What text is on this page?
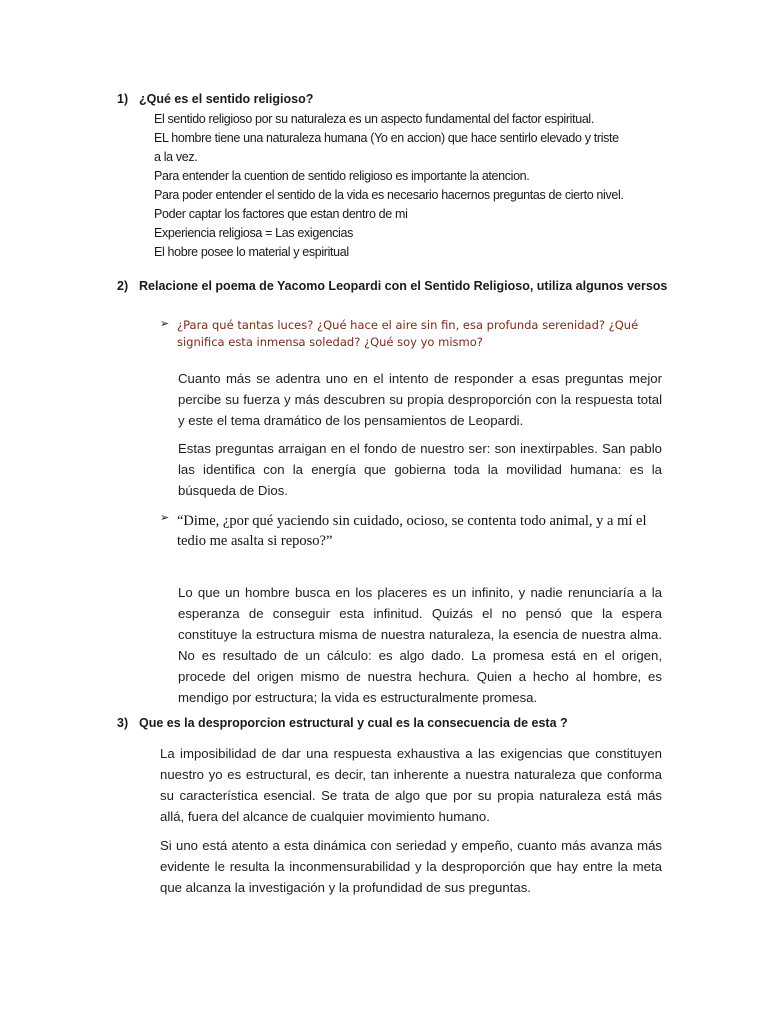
1) ¿Qué es el sentido religioso?
El sentido religioso por su naturaleza es un aspecto fundamental del factor espiritual.
EL hombre tiene una naturaleza humana (Yo en accion) que hace sentirlo elevado y triste
a la vez.
Para entender la cuention de sentido religioso es importante la atencion.
Para poder entender el sentido de la vida es necesario hacernos preguntas de cierto nivel.
Poder captar los factores que estan dentro de mi
Experiencia religiosa = Las exigencias
El hobre posee lo material y espiritual
2) Relacione el poema de Yacomo Leopardi con el Sentido Religioso, utiliza algunos versos
➢ ¿Para qué tantas luces? ¿Qué hace el aire sin fin, esa profunda serenidad? ¿Qué significa esta inmensa soledad? ¿Qué soy yo mismo?

Cuanto más se adentra uno en el intento de responder a esas preguntas mejor percibe su fuerza y más descubren su propia desproporción con la respuesta total y este el tema dramático de los pensamientos de Leopardi.

Estas preguntas arraigan en el fondo de nuestro ser: son inextirpables. San pablo las identifica con la energía que gobierna toda la movilidad humana: es la búsqueda de Dios.

➢ “Dime, ¿por qué yaciendo sin cuidado, ocioso, se contenta todo animal, y a mí el tedio me asalta si reposo?”

Lo que un hombre busca en los placeres es un infinito, y nadie renunciaría a la esperanza de conseguir esta infinitud. Quizás el no pensó que la espera constituye la estructura misma de nuestra naturaleza, la esencia de nuestra alma. No es resultado de un cálculo: es algo dado. La promesa está en el origen, procede del origen mismo de nuestra hechura. Quien a hecho al hombre, es mendigo por estructura; la vida es estructuralmente promesa.

3) Que es la desproporcion estructural y cual es la consecuencia de esta ?

La imposibilidad de dar una respuesta exhaustiva a las exigencias que constituyen nuestro yo es estructural, es decir, tan inherente a nuestra naturaleza que conforma su característica esencial. Se trata de algo que por su propia naturaleza está más allá, fuera del alcance de cualquier movimiento humano.

Si uno está atento a esta dinámica con seriedad y empeño, cuanto más avanza más evidente le resulta la inconmensurabilidad y la desproporción que hay entre la meta que alcanza la investigación y la profundidad de sus preguntas.
